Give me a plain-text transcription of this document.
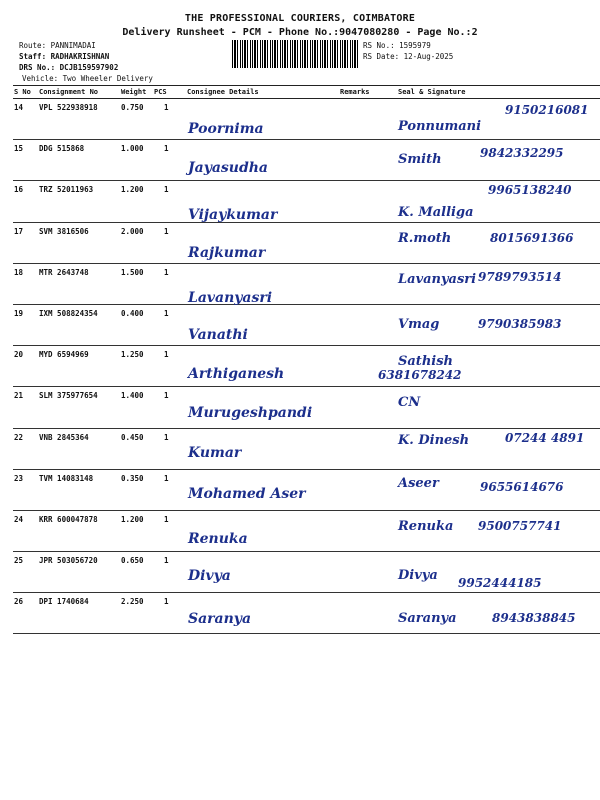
THE PROFESSIONAL COURIERS, COIMBATORE
Delivery Runsheet - PCM - Phone No.:9047080280 - Page No.:2
Route: PANNIMADAI
Staff: RADHAKRISHNAN
DRS No.: DCJB159597902
Vehicle: Two Wheeler Delivery
RS No.: 1595979
RS Date: 12-Aug-2025
S No Consignment No	Weight PCS	Consignee Details	Remarks	Seal & Signature
14 VPL 522938918	0.750	1
Poornima	Ponnumani
9150216081
15 DDG 515868	1.000	1
Jayasudha
Smith	9842332295
16 TRZ 52011963	1.200	1
Vijaykumar	K. Malliga
9965138240
17 SVM 3816506	2.000	1
Rajkumar
R.moth	8015691366
18 MTR 2643748	1.500	1
Lavanyasri
Lavanyasri 9789793514
19 IXM 508824354	0.400	1
Vanathi
Vmag	9790385983
20 MYD 6594969	1.250	1
Arthiganesh
Sathish
6381678242
21 SLM 375977654	1.400	1
Murugeshpandi
CN
22 VNB 2845364	0.450	1
Kumar
K. Dinesh	07244 4891
23 TVM 14083148	0.350	1
Mohamed Aser
Aseer	9655614676
24 KRR 600047878	1.200	1
Renuka
Renuka 9500757741
25 JPR 503056720	0.650	1
Divya	Divya 9952444185
26 DPI 1740684	2.250	1
Saranya	Saranya	8943838845
